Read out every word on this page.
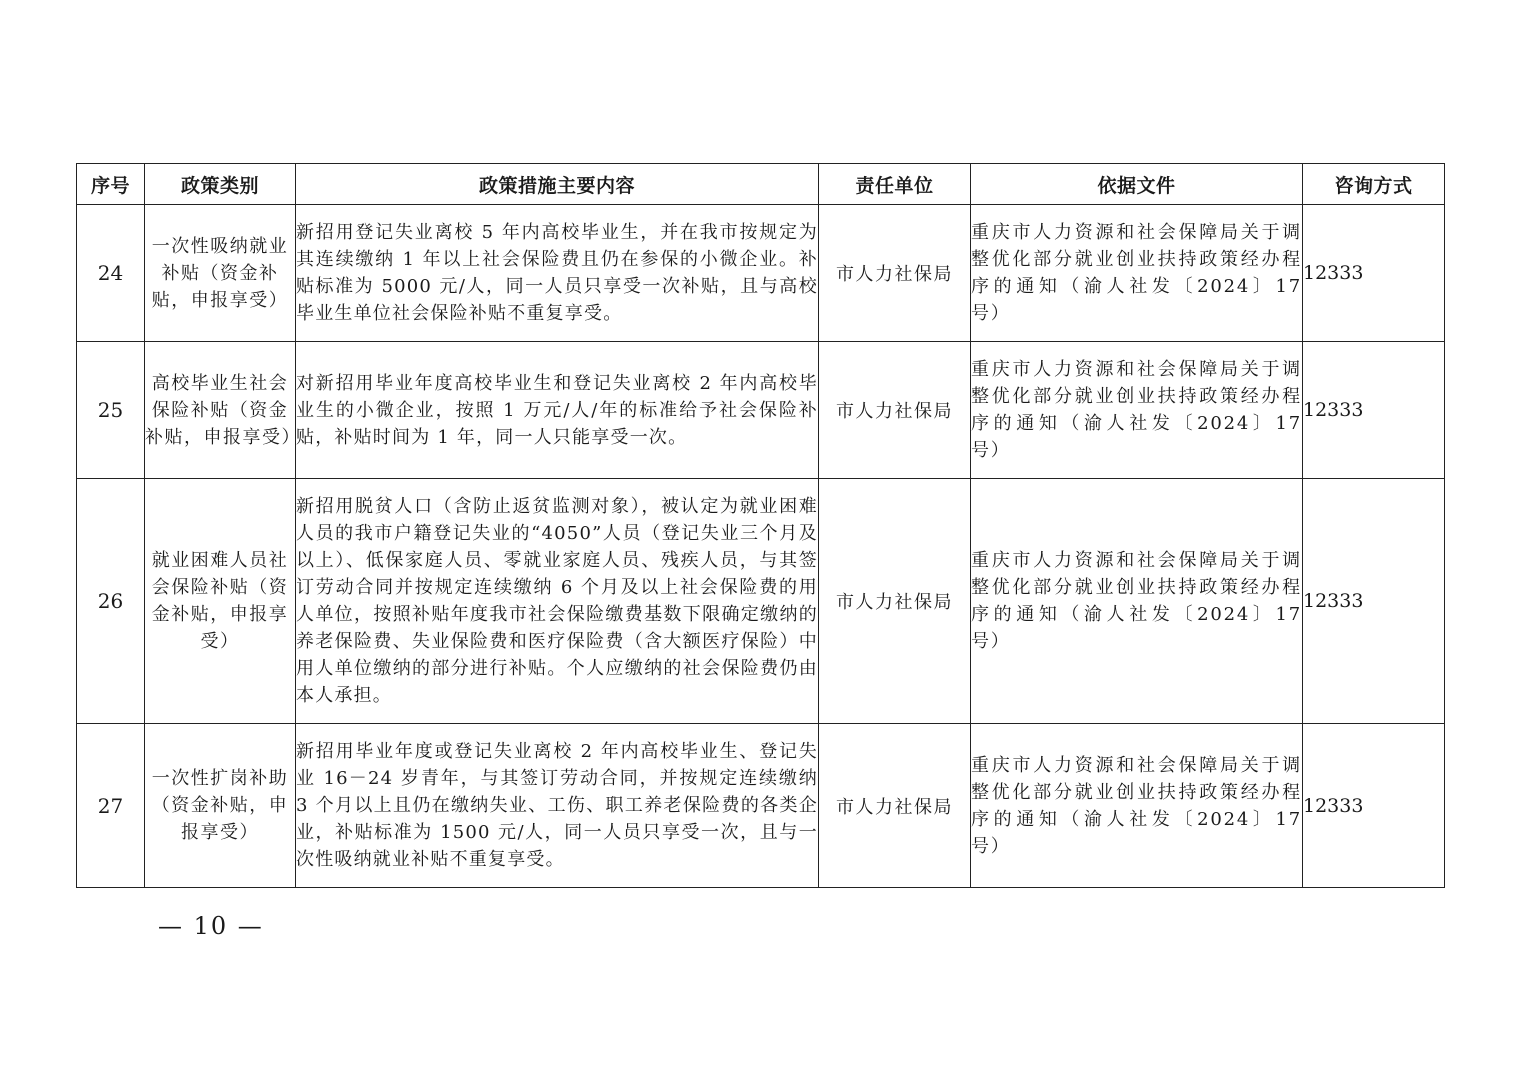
序号	政策类别	政策措施主要内容	责任单位	依据文件	咨询方式
24	一次性吸纳就业补贴（资金补贴，申报享受）	新招用登记失业离校 5 年内高校毕业生，并在我市按规定为其连续缴纳 1 年以上社会保险费且仍在参保的小微企业。补贴标准为 5000 元/人，同一人员只享受一次补贴，且与高校毕业生单位社会保险补贴不重复享受。	市人力社保局	重庆市人力资源和社会保障局关于调整优化部分就业创业扶持政策经办程序的通知（渝人社发〔2024〕17 号）	12333
25	高校毕业生社会保险补贴（资金补贴，申报享受）	对新招用毕业年度高校毕业生和登记失业离校 2 年内高校毕业生的小微企业，按照 1 万元/人/年的标准给予社会保险补贴，补贴时间为 1 年，同一人只能享受一次。	市人力社保局	重庆市人力资源和社会保障局关于调整优化部分就业创业扶持政策经办程序的通知（渝人社发〔2024〕17 号）	12333
26	就业困难人员社会保险补贴（资金补贴，申报享受）	新招用脱贫人口（含防止返贫监测对象），被认定为就业困难人员的我市户籍登记失业的“4050”人员（登记失业三个月及以上）、低保家庭人员、零就业家庭人员、残疾人员，与其签订劳动合同并按规定连续缴纳 6 个月及以上社会保险费的用人单位，按照补贴年度我市社会保险缴费基数下限确定缴纳的养老保险费、失业保险费和医疗保险费（含大额医疗保险）中用人单位缴纳的部分进行补贴。个人应缴纳的社会保险费仍由本人承担。	市人力社保局	重庆市人力资源和社会保障局关于调整优化部分就业创业扶持政策经办程序的通知（渝人社发〔2024〕17 号）	12333
27	一次性扩岗补助（资金补贴，申报享受）	新招用毕业年度或登记失业离校 2 年内高校毕业生、登记失业 16－24 岁青年，与其签订劳动合同，并按规定连续缴纳 3 个月以上且仍在缴纳失业、工伤、职工养老保险费的各类企业，补贴标准为 1500 元/人，同一人员只享受一次，且与一次性吸纳就业补贴不重复享受。	市人力社保局	重庆市人力资源和社会保障局关于调整优化部分就业创业扶持政策经办程序的通知（渝人社发〔2024〕17 号）	12333
— 10 —
